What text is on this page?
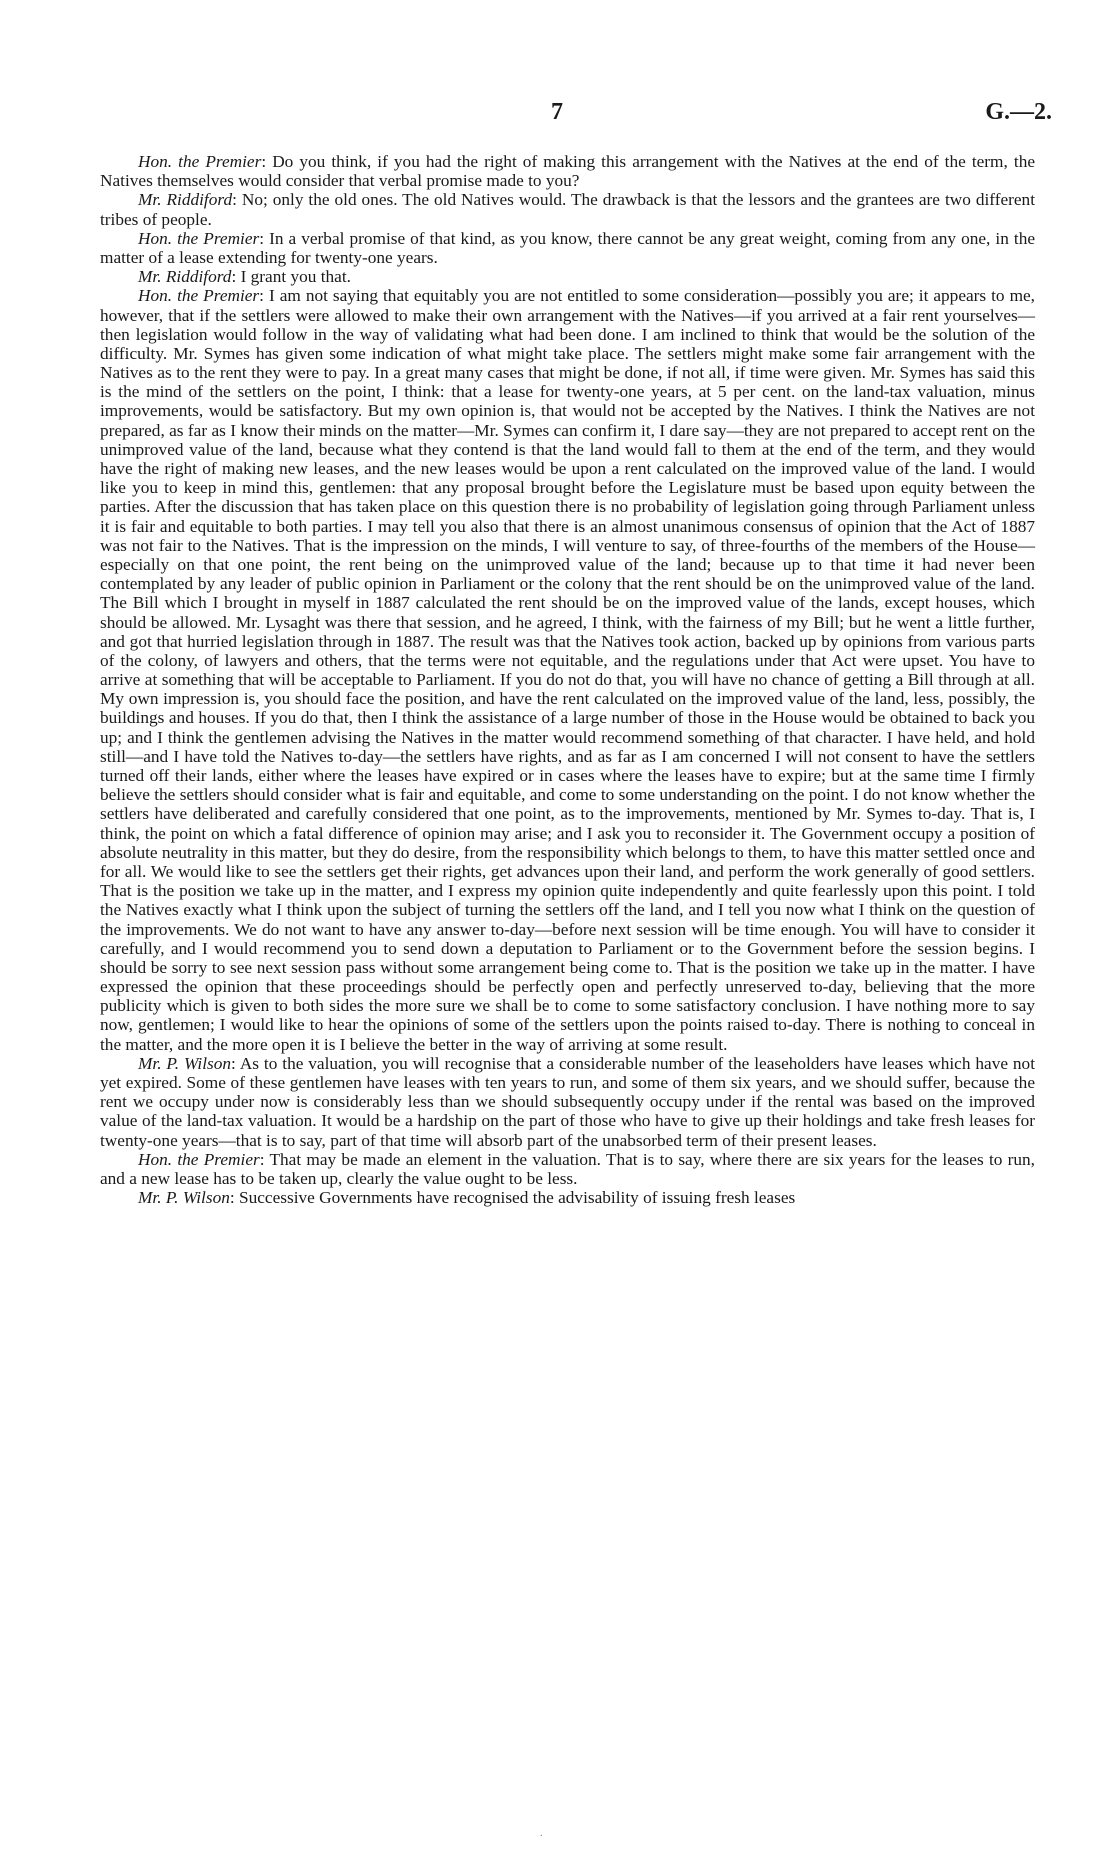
7	G.—2.

Hon. the Premier: Do you think, if you had the right of making this arrangement with the Natives at the end of the term, the Natives themselves would consider that verbal promise made to you?

Mr. Riddiford: No; only the old ones. The old Natives would. The drawback is that the lessors and the grantees are two different tribes of people.

Hon. the Premier: In a verbal promise of that kind, as you know, there cannot be any great weight, coming from any one, in the matter of a lease extending for twenty-one years.

Mr. Riddiford: I grant you that.

Hon. the Premier: I am not saying that equitably you are not entitled to some consideration—possibly you are; it appears to me, however, that if the settlers were allowed to make their own arrangement with the Natives—if you arrived at a fair rent yourselves—then legislation would follow in the way of validating what had been done. I am inclined to think that would be the solution of the difficulty. Mr. Symes has given some indication of what might take place. The settlers might make some fair arrangement with the Natives as to the rent they were to pay. In a great many cases that might be done, if not all, if time were given. Mr. Symes has said this is the mind of the settlers on the point, I think: that a lease for twenty-one years, at 5 per cent. on the land-tax valuation, minus improvements, would be satisfactory. But my own opinion is, that would not be accepted by the Natives. I think the Natives are not prepared, as far as I know their minds on the matter—Mr. Symes can confirm it, I dare say—they are not prepared to accept rent on the unimproved value of the land, because what they contend is that the land would fall to them at the end of the term, and they would have the right of making new leases, and the new leases would be upon a rent calculated on the improved value of the land. I would like you to keep in mind this, gentlemen: that any proposal brought before the Legislature must be based upon equity between the parties. After the discussion that has taken place on this question there is no probability of legislation going through Parliament unless it is fair and equitable to both parties. I may tell you also that there is an almost unanimous consensus of opinion that the Act of 1887 was not fair to the Natives. That is the impression on the minds, I will venture to say, of three-fourths of the members of the House—especially on that one point, the rent being on the unimproved value of the land; because up to that time it had never been contemplated by any leader of public opinion in Parliament or the colony that the rent should be on the unimproved value of the land. The Bill which I brought in myself in 1887 calculated the rent should be on the improved value of the lands, except houses, which should be allowed. Mr. Lysaght was there that session, and he agreed, I think, with the fairness of my Bill; but he went a little further, and got that hurried legislation through in 1887. The result was that the Natives took action, backed up by opinions from various parts of the colony, of lawyers and others, that the terms were not equitable, and the regulations under that Act were upset. You have to arrive at something that will be acceptable to Parliament. If you do not do that, you will have no chance of getting a Bill through at all. My own impression is, you should face the position, and have the rent calculated on the improved value of the land, less, possibly, the buildings and houses. If you do that, then I think the assistance of a large number of those in the House would be obtained to back you up; and I think the gentlemen advising the Natives in the matter would recommend something of that character. I have held, and hold still—and I have told the Natives to-day—the settlers have rights, and as far as I am concerned I will not consent to have the settlers turned off their lands, either where the leases have expired or in cases where the leases have to expire; but at the same time I firmly believe the settlers should consider what is fair and equitable, and come to some understanding on the point. I do not know whether the settlers have deliberated and carefully considered that one point, as to the improvements, mentioned by Mr. Symes to-day. That is, I think, the point on which a fatal difference of opinion may arise; and I ask you to reconsider it. The Government occupy a position of absolute neutrality in this matter, but they do desire, from the responsibility which belongs to them, to have this matter settled once and for all. We would like to see the settlers get their rights, get advances upon their land, and perform the work generally of good settlers. That is the position we take up in the matter, and I express my opinion quite independently and quite fearlessly upon this point. I told the Natives exactly what I think upon the subject of turning the settlers off the land, and I tell you now what I think on the question of the improvements. We do not want to have any answer to-day—before next session will be time enough. You will have to consider it carefully, and I would recommend you to send down a deputation to Parliament or to the Government before the session begins. I should be sorry to see next session pass without some arrangement being come to. That is the position we take up in the matter. I have expressed the opinion that these proceedings should be perfectly open and perfectly unreserved to-day, believing that the more publicity which is given to both sides the more sure we shall be to come to some satisfactory conclusion. I have nothing more to say now, gentlemen; I would like to hear the opinions of some of the settlers upon the points raised to-day. There is nothing to conceal in the matter, and the more open it is I believe the better in the way of arriving at some result.

Mr. P. Wilson: As to the valuation, you will recognise that a considerable number of the leaseholders have leases which have not yet expired. Some of these gentlemen have leases with ten years to run, and some of them six years, and we should suffer, because the rent we occupy under now is considerably less than we should subsequently occupy under if the rental was based on the improved value of the land-tax valuation. It would be a hardship on the part of those who have to give up their holdings and take fresh leases for twenty-one years—that is to say, part of that time will absorb part of the unabsorbed term of their present leases.

Hon. the Premier: That may be made an element in the valuation. That is to say, where there are six years for the leases to run, and a new lease has to be taken up, clearly the value ought to be less.

Mr. P. Wilson: Successive Governments have recognised the advisability of issuing fresh leases

.
